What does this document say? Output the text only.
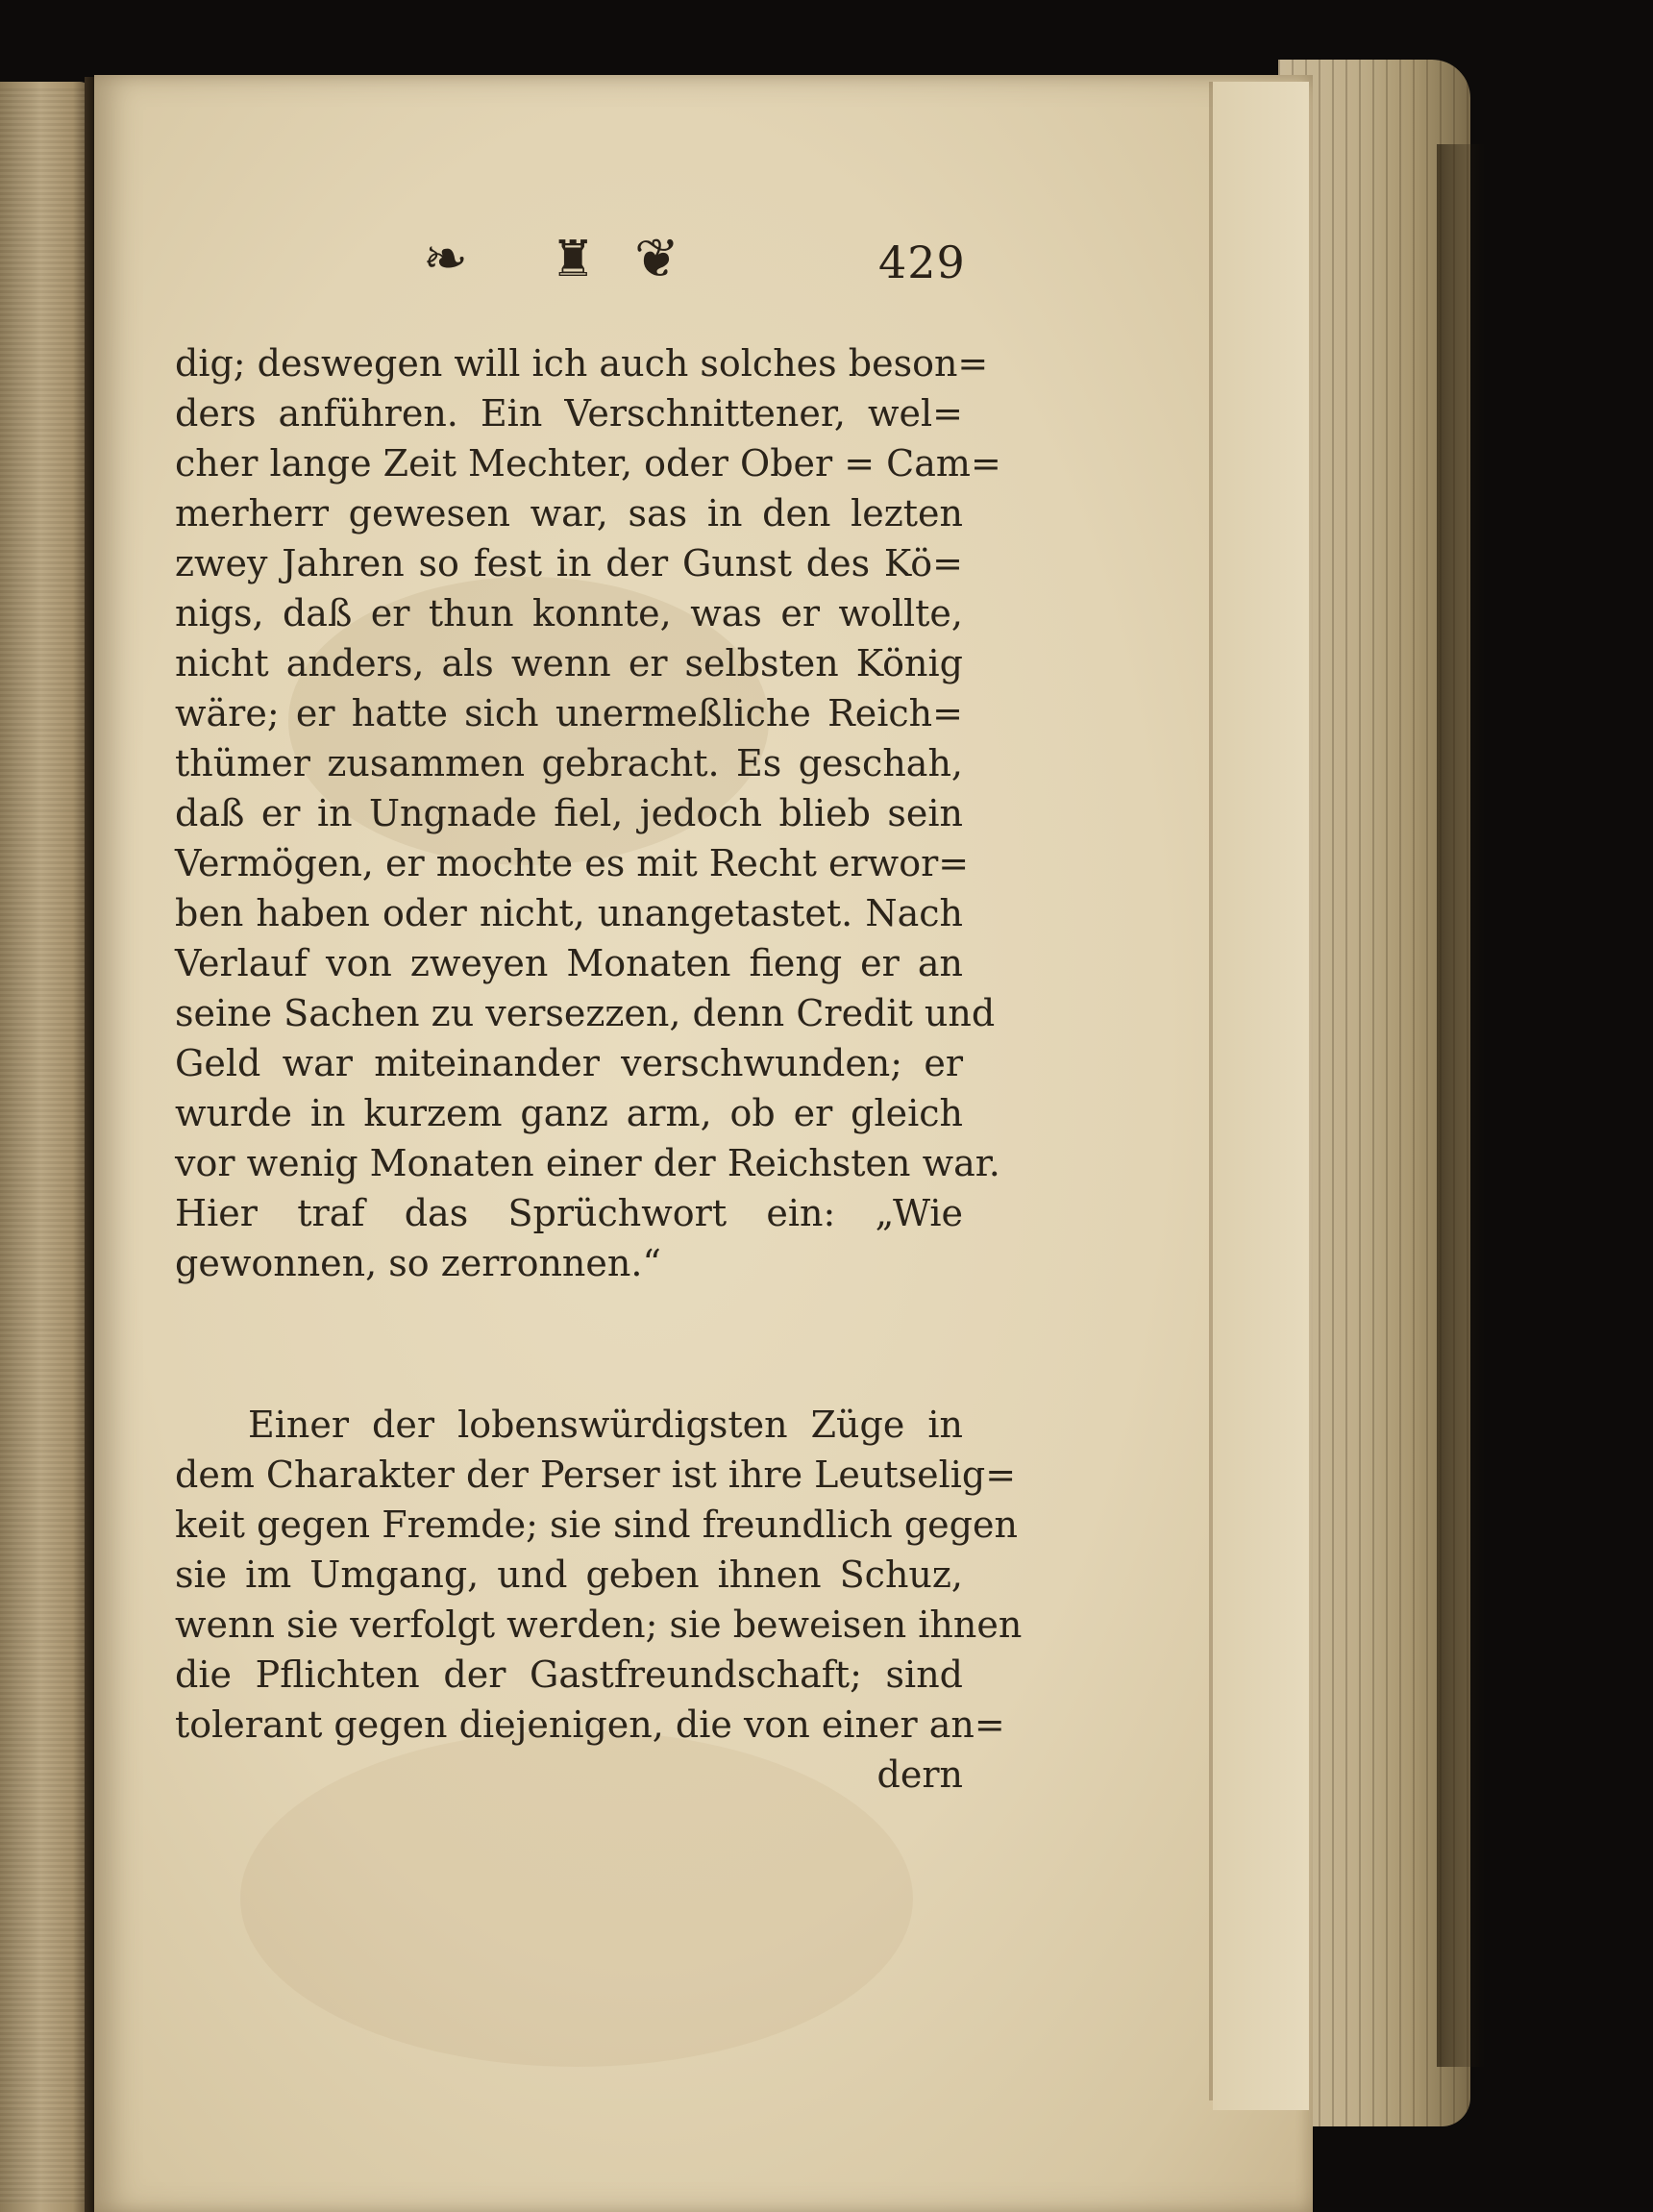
❧ ♜ ❦	429
dig; deswegen will ich auch solches beson=
ders anführen. Ein Verschnittener, wel=
cher lange Zeit Mechter, oder Ober = Cam=
merherr gewesen war, sas in den lezten
zwey Jahren so fest in der Gunst des Kö=
nigs, daß er thun konnte, was er wollte,
nicht anders, als wenn er selbsten König
wäre; er hatte sich unermeßliche Reich=
thümer zusammen gebracht. Es geschah,
daß er in Ungnade fiel, jedoch blieb sein
Vermögen, er mochte es mit Recht erwor=
ben haben oder nicht, unangetastet. Nach
Verlauf von zweyen Monaten fieng er an
seine Sachen zu versezzen, denn Credit und
Geld war miteinander verschwunden; er
wurde in kurzem ganz arm, ob er gleich
vor wenig Monaten einer der Reichsten war.
Hier traf das Sprüchwort ein: „Wie
gewonnen, so zerronnen.“
Einer der lobenswürdigsten Züge in
dem Charakter der Perser ist ihre Leutselig=
keit gegen Fremde; sie sind freundlich gegen
sie im Umgang, und geben ihnen Schuz,
wenn sie verfolgt werden; sie beweisen ihnen
die Pflichten der Gastfreundschaft; sind
tolerant gegen diejenigen, die von einer an=
dern
